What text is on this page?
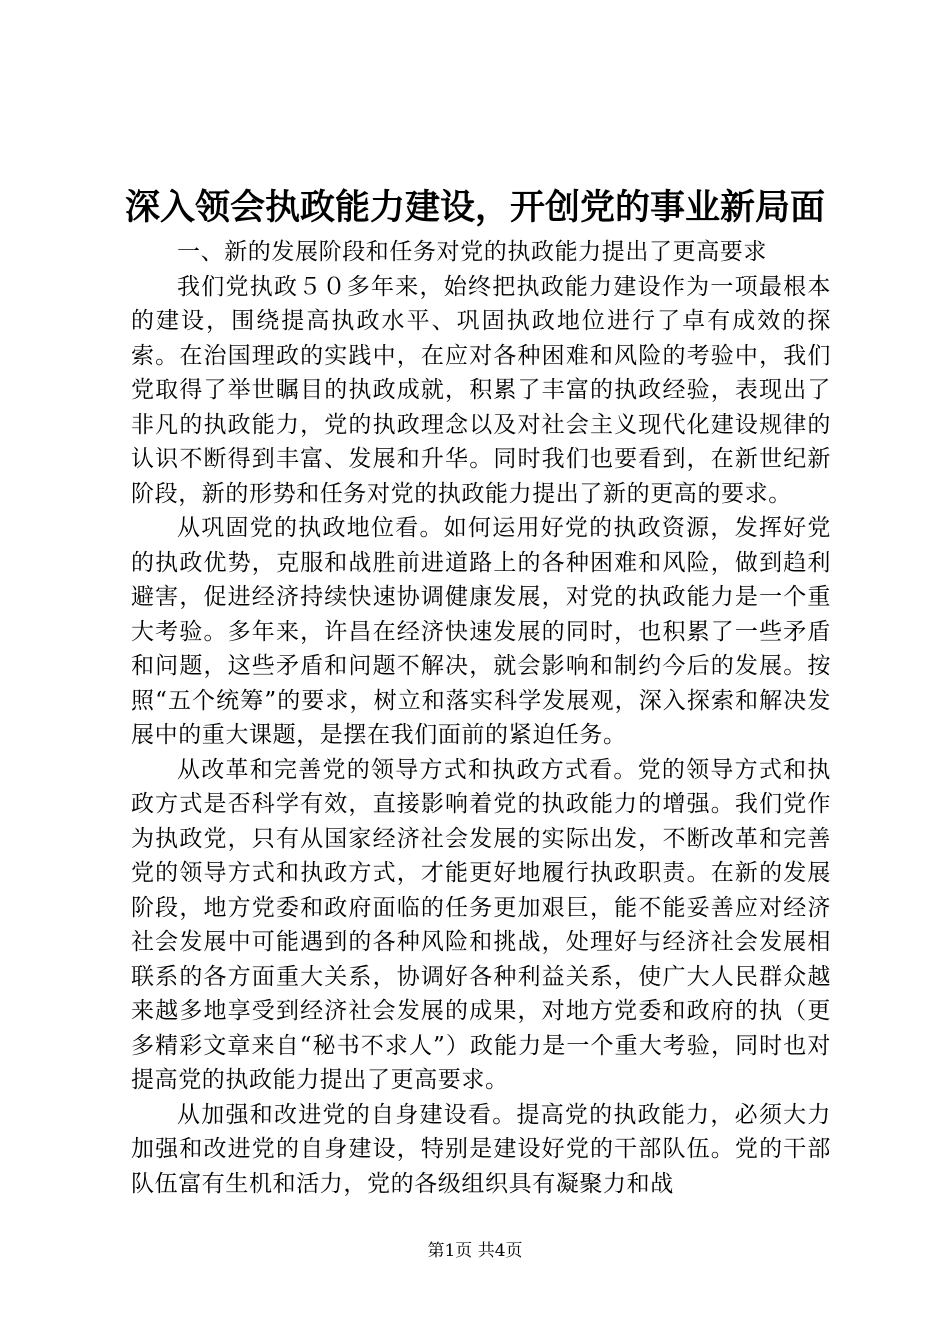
深入领会执政能力建设，开创党的事业新局面

一、新的发展阶段和任务对党的执政能力提出了更高要求

我们党执政５０多年来，始终把执政能力建设作为一项最根本的建设，围绕提高执政水平、巩固执政地位进行了卓有成效的探索。在治国理政的实践中，在应对各种困难和风险的考验中，我们党取得了举世瞩目的执政成就，积累了丰富的执政经验，表现出了非凡的执政能力，党的执政理念以及对社会主义现代化建设规律的认识不断得到丰富、发展和升华。同时我们也要看到，在新世纪新阶段，新的形势和任务对党的执政能力提出了新的更高的要求。

从巩固党的执政地位看。如何运用好党的执政资源，发挥好党的执政优势，克服和战胜前进道路上的各种困难和风险，做到趋利避害，促进经济持续快速协调健康发展，对党的执政能力是一个重大考验。多年来，许昌在经济快速发展的同时，也积累了一些矛盾和问题，这些矛盾和问题不解决，就会影响和制约今后的发展。按照“五个统筹”的要求，树立和落实科学发展观，深入探索和解决发展中的重大课题，是摆在我们面前的紧迫任务。

从改革和完善党的领导方式和执政方式看。党的领导方式和执政方式是否科学有效，直接影响着党的执政能力的增强。我们党作为执政党，只有从国家经济社会发展的实际出发，不断改革和完善党的领导方式和执政方式，才能更好地履行执政职责。在新的发展阶段，地方党委和政府面临的任务更加艰巨，能不能妥善应对经济社会发展中可能遇到的各种风险和挑战，处理好与经济社会发展相联系的各方面重大关系，协调好各种利益关系，使广大人民群众越来越多地享受到经济社会发展的成果，对地方党委和政府的执（更多精彩文章来自“秘书不求人”）政能力是一个重大考验，同时也对提高党的执政能力提出了更高要求。

从加强和改进党的自身建设看。提高党的执政能力，必须大力加强和改进党的自身建设，特别是建设好党的干部队伍。党的干部队伍富有生机和活力，党的各级组织具有凝聚力和战

第1页 共4页
